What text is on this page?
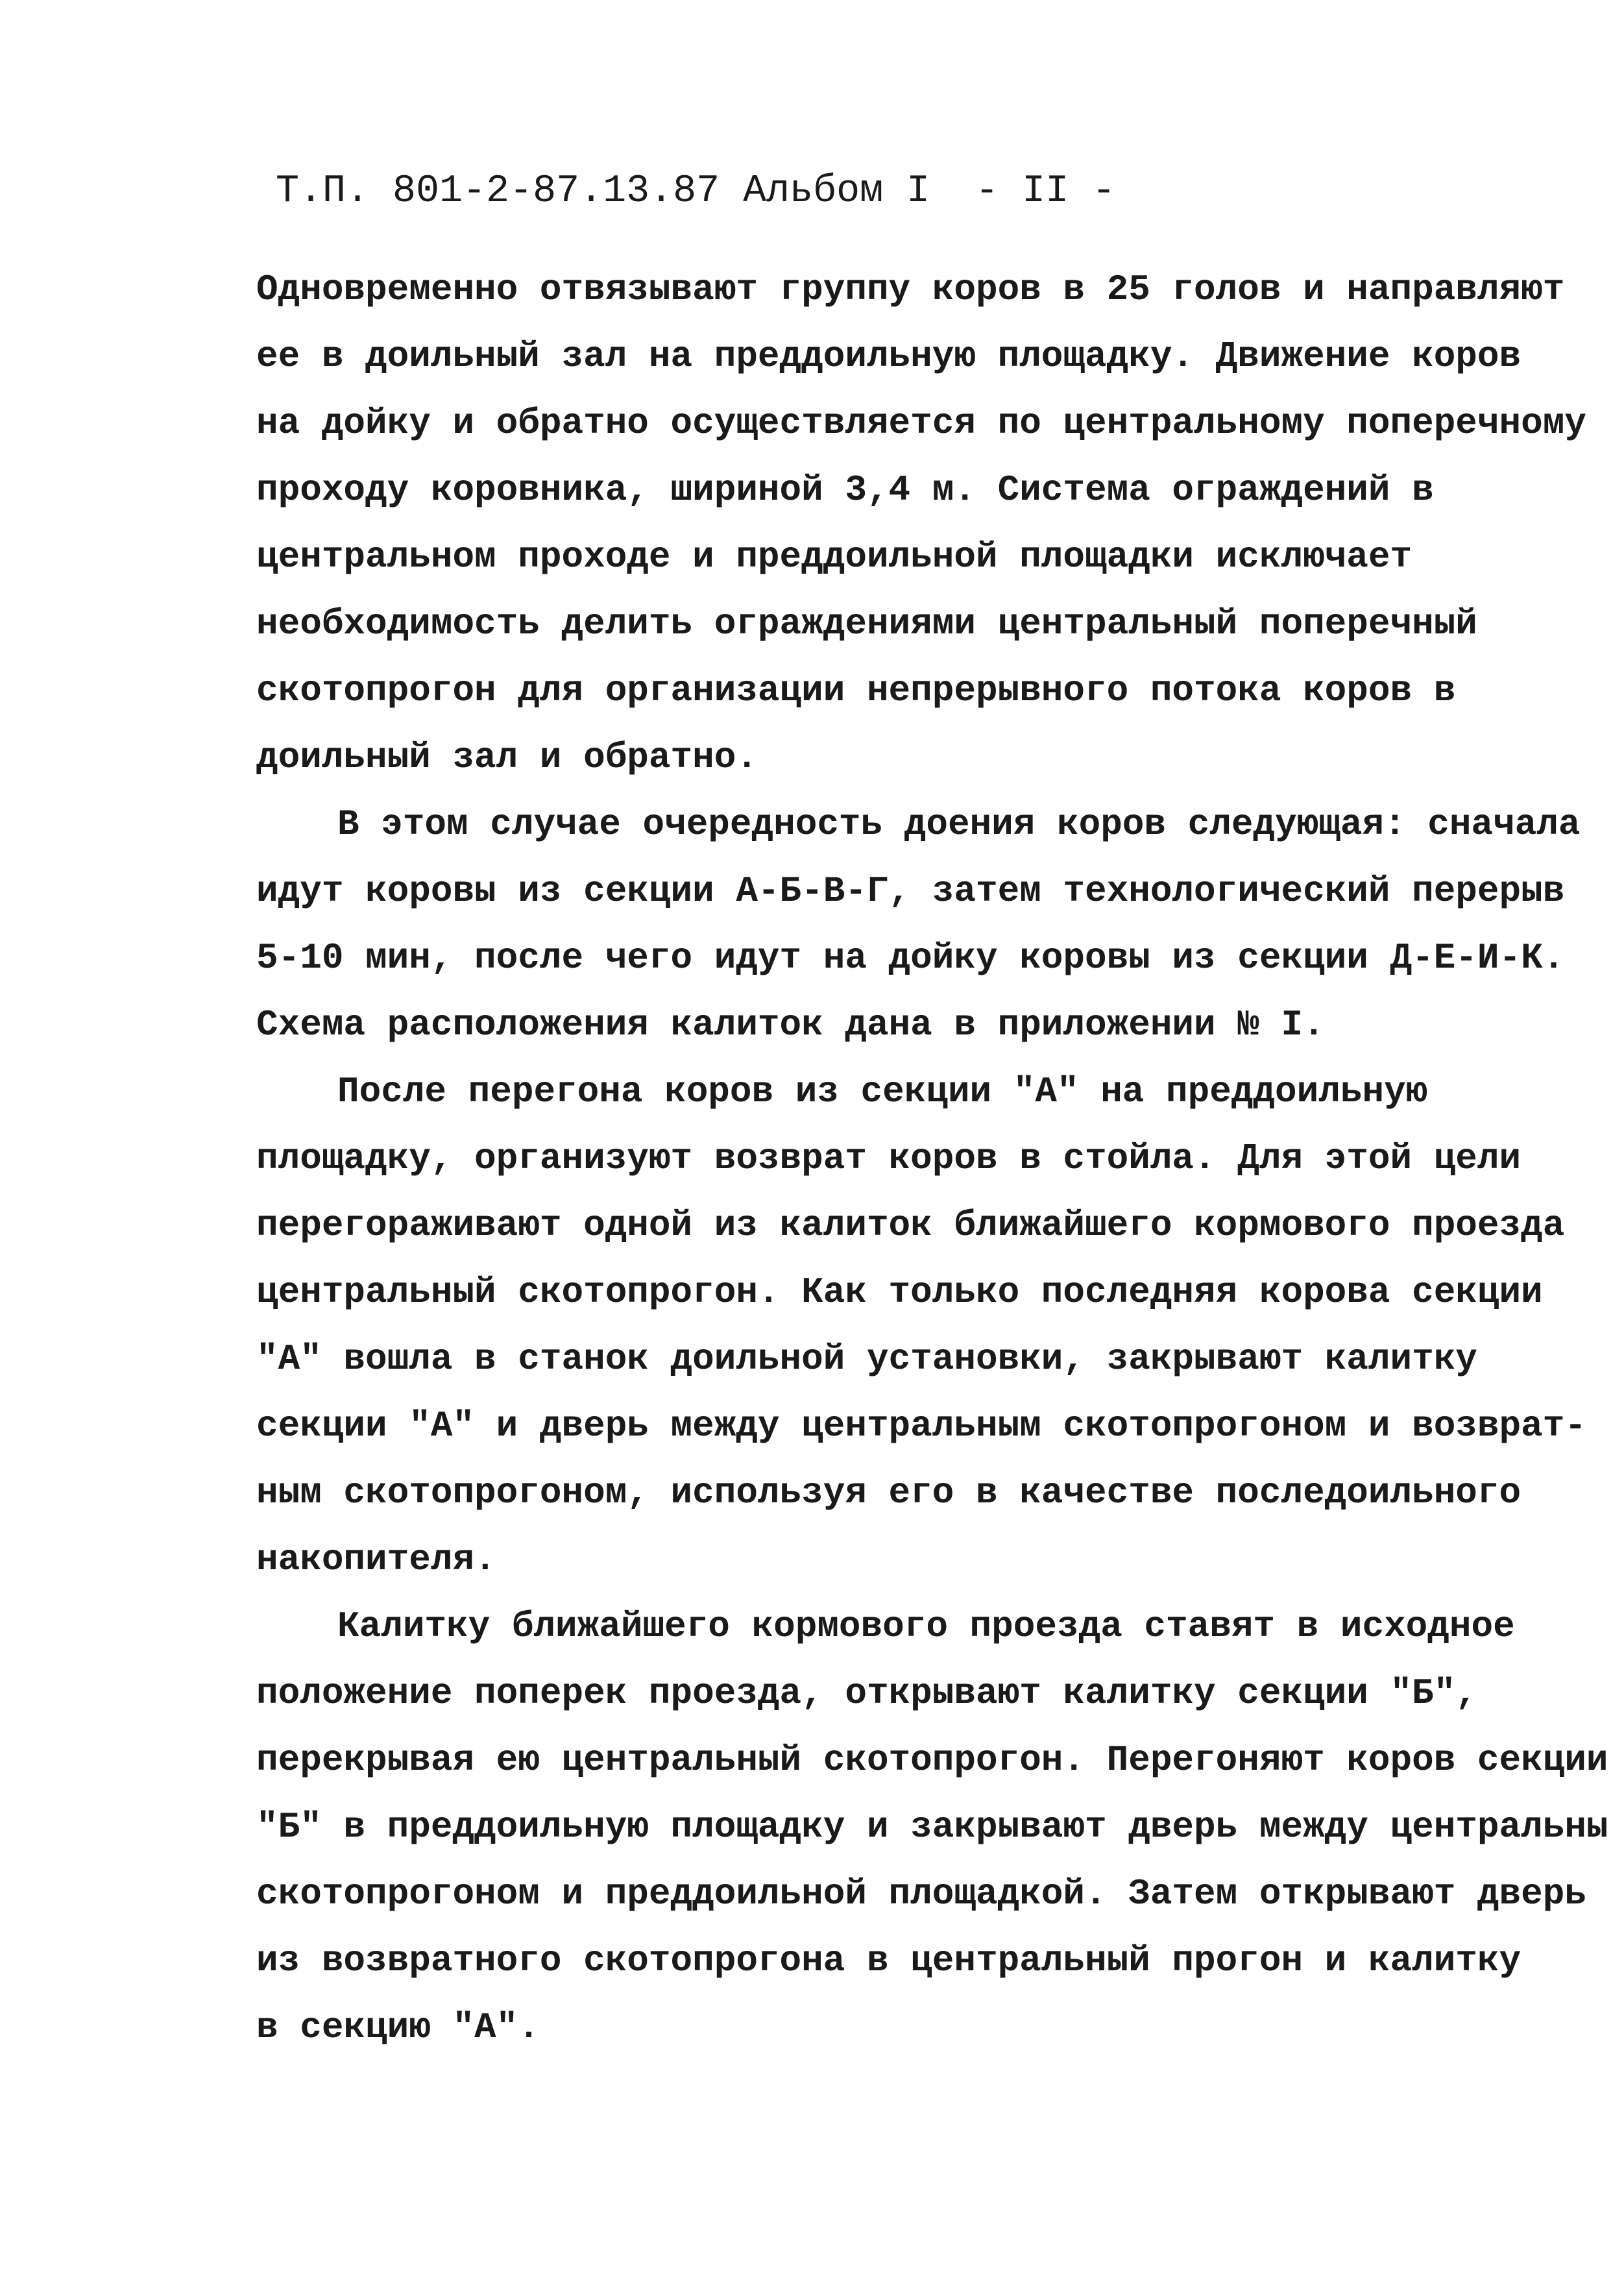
Т.П. 801-2-87.13.87 Альбом I - II -
Одновременно отвязывают группу коров в 25 голов и направляют
ее в доильный зал на преддоильную площадку. Движение коров
на дойку и обратно осуществляется по центральному поперечному
проходу коровника, шириной 3,4 м. Система ограждений в
центральном проходе и преддоильной площадки исключает
необходимость делить ограждениями центральный поперечный
скотопрогон для организации непрерывного потока коров в
доильный зал и обратно.
В этом случае очередность доения коров следующая: сначала
идут коровы из секции А-Б-В-Г, затем технологический перерыв
5-10 мин, после чего идут на дойку коровы из секции Д-Е-И-К.
Схема расположения калиток дана в приложении № I.
После перегона коров из секции "А" на преддоильную
площадку, организуют возврат коров в стойла. Для этой цели
перегораживают одной из калиток ближайшего кормового проезда
центральный скотопрогон. Как только последняя корова секции
"А" вошла в станок доильной установки, закрывают калитку
секции "А" и дверь между центральным скотопрогоном и возврат-
ным скотопрогоном, используя его в качестве последоильного
накопителя.
Калитку ближайшего кормового проезда ставят в исходное
положение поперек проезда, открывают калитку секции "Б",
перекрывая ею центральный скотопрогон. Перегоняют коров секции
"Б" в преддоильную площадку и закрывают дверь между центральны
скотопрогоном и преддоильной площадкой. Затем открывают дверь
из возвратного скотопрогона в центральный прогон и калитку
в секцию "А".
